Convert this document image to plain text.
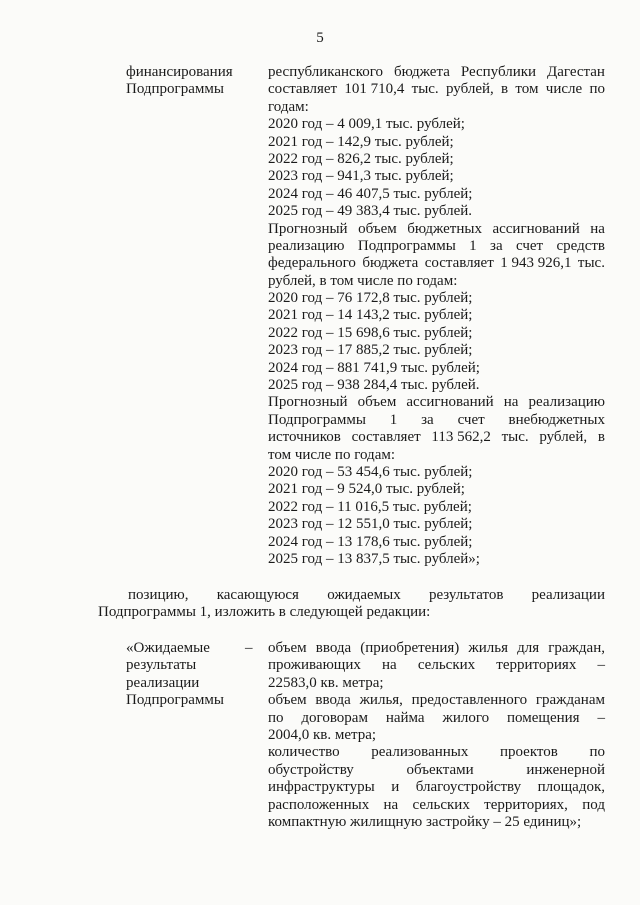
5
финансирования
Подпрограммы
республиканского бюджета Республики Дагестан
составляет 101 710,4 тыс. рублей, в том числе по
годам:
2020 год – 4 009,1 тыс. рублей;
2021 год – 142,9 тыс. рублей;
2022 год – 826,2 тыс. рублей;
2023 год – 941,3 тыс. рублей;
2024 год – 46 407,5 тыс. рублей;
2025 год – 49 383,4 тыс. рублей.
Прогнозный объем бюджетных ассигнований на
реализацию Подпрограммы 1 за счет средств
федерального бюджета составляет 1 943 926,1 тыс.
рублей, в том числе по годам:
2020 год – 76 172,8 тыс. рублей;
2021 год – 14 143,2 тыс. рублей;
2022 год – 15 698,6 тыс. рублей;
2023 год – 17 885,2 тыс. рублей;
2024 год – 881 741,9 тыс. рублей;
2025 год – 938 284,4 тыс. рублей.
Прогнозный объем ассигнований на реализацию
Подпрограммы 1 за счет внебюджетных
источников составляет 113 562,2 тыс. рублей, в
том числе по годам:
2020 год – 53 454,6 тыс. рублей;
2021 год – 9 524,0 тыс. рублей;
2022 год – 11 016,5 тыс. рублей;
2023 год – 12 551,0 тыс. рублей;
2024 год – 13 178,6 тыс. рублей;
2025 год – 13 837,5 тыс. рублей»;
позицию, касающуюся ожидаемых результатов реализации
Подпрограммы 1, изложить в следующей редакции:
«Ожидаемые
результаты
реализации
Подпрограммы
– объем ввода (приобретения) жилья для граждан,
проживающих на сельских территориях –
22583,0 кв. метра;
объем ввода жилья, предоставленного гражданам
по договорам найма жилого помещения –
2004,0 кв. метра;
количество реализованных проектов по
обустройству	объектами	инженерной
инфраструктуры и благоустройству площадок,
расположенных на сельских территориях, под
компактную жилищную застройку – 25 единиц»;
